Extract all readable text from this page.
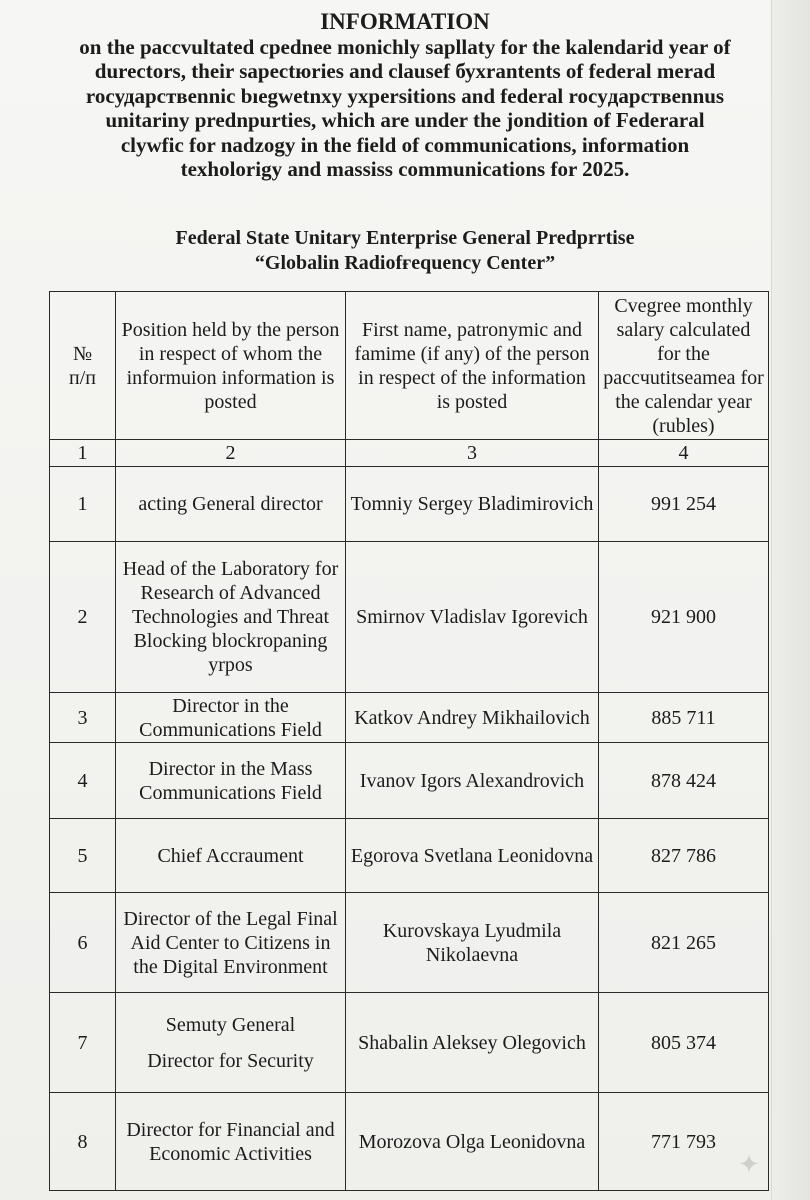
INFORMATION
on the paccvultated cpednee monichly sapllaty for the kalendarid year of
durectors, their sapectюries and clausef бухrantents of federal merad
rocудapcтвennic bıegwetnxy yxpersitions and federal rocyдapcтвennus
unitariny prednpurties, which are under the jondition of Federaral
clywfic for nadzogy in the field of communications, information
texholorigy and massiss communications for 2025.
Federal State Unitary Enterprise General Predprrtise
“Globalin Radiofғequency Center”
№ п/п	Position held by the person in respect of whom the informuion information is posted	First name, patronymic and famime (if any) of the person in respect of the information is posted	Cvegree monthly salary calculated for the paccчutitseamea for the calendar year (rubles)
1	2	3	4
1	acting General director	Tomniy Sergey Bladimirovich	991 254
2	Head of the Laboratory for Research of Advanced Technologies and Threat Blocking blockropaning yrpos	Smirnov Vladislav Igorevich	921 900
3	Director in the Communications Field	Katkov Andrey Mikhailovich	885 711
4	Director in the Mass Communications Field	Ivanov Igors Alexandrovich	878 424
5	Chief Accraument	Egorova Svetlana Leonidovna	827 786
6	Director of the Legal Final Aid Center to Citizens in the Digital Environment	Kurovskaya Lyudmila Nikolaevna	821 265
7	Semuty General
Director for Security	Shabalin Aleksey Olegovich	805 374
8	Director for Financial and Economic Activities	Morozova Olga Leonidovna	771 793
✦
